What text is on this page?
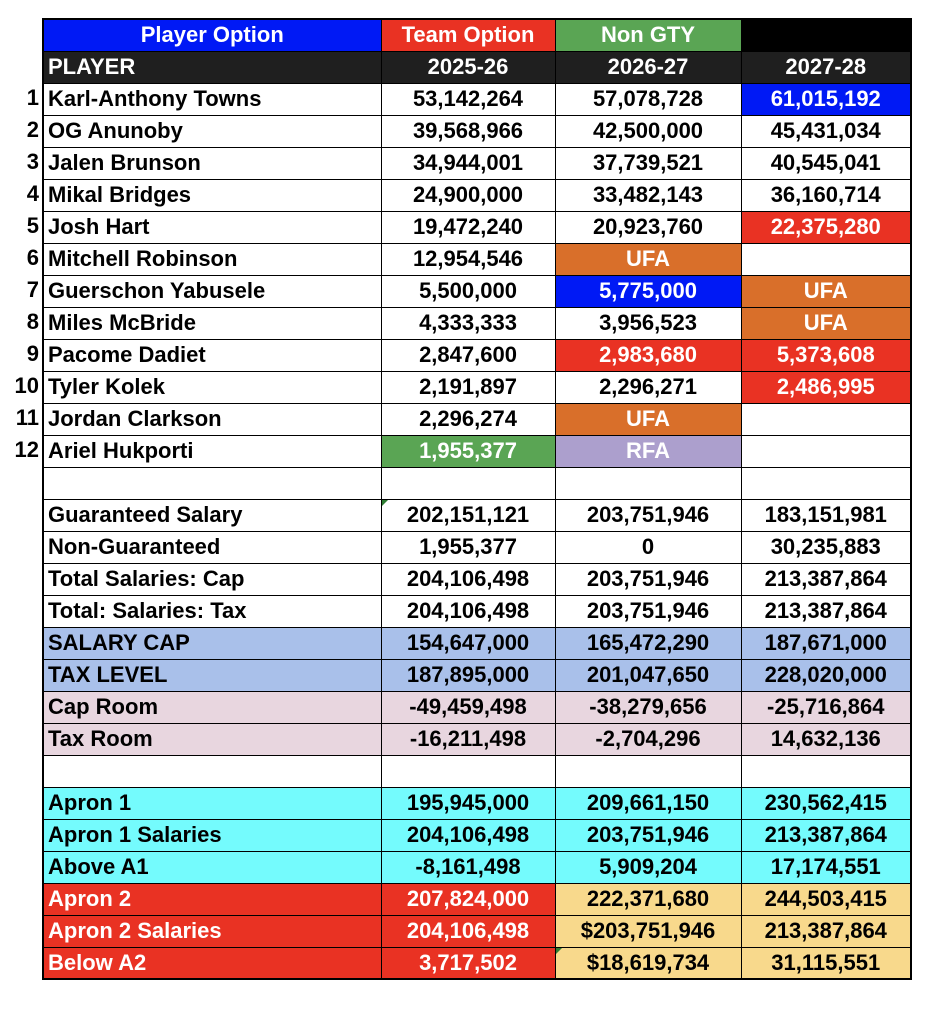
1
2
3
4
5
6
7
8
9
10
11
12
Player Option	Team Option	Non GTY	
PLAYER	2025-26	2026-27	2027-28
Karl-Anthony Towns	53,142,264	57,078,728	61,015,192
OG Anunoby	39,568,966	42,500,000	45,431,034
Jalen Brunson	34,944,001	37,739,521	40,545,041
Mikal Bridges	24,900,000	33,482,143	36,160,714
Josh Hart	19,472,240	20,923,760	22,375,280
Mitchell Robinson	12,954,546	UFA	
Guerschon Yabusele	5,500,000	5,775,000	UFA
Miles McBride	4,333,333	3,956,523	UFA
Pacome Dadiet	2,847,600	2,983,680	5,373,608
Tyler Kolek	2,191,897	2,296,271	2,486,995
Jordan Clarkson	2,296,274	UFA	
Ariel Hukporti	1,955,377	RFA	

Guaranteed Salary	202,151,121	203,751,946	183,151,981
Non-Guaranteed	1,955,377	0	30,235,883
Total Salaries: Cap	204,106,498	203,751,946	213,387,864
Total: Salaries: Tax	204,106,498	203,751,946	213,387,864
SALARY CAP	154,647,000	165,472,290	187,671,000
TAX LEVEL	187,895,000	201,047,650	228,020,000
Cap Room	-49,459,498	-38,279,656	-25,716,864
Tax Room	-16,211,498	-2,704,296	14,632,136

Apron 1	195,945,000	209,661,150	230,562,415
Apron 1 Salaries	204,106,498	203,751,946	213,387,864
Above A1	-8,161,498	5,909,204	17,174,551
Apron 2	207,824,000	222,371,680	244,503,415
Apron 2 Salaries	204,106,498	$203,751,946	213,387,864
Below A2	3,717,502	$18,619,734	31,115,551
